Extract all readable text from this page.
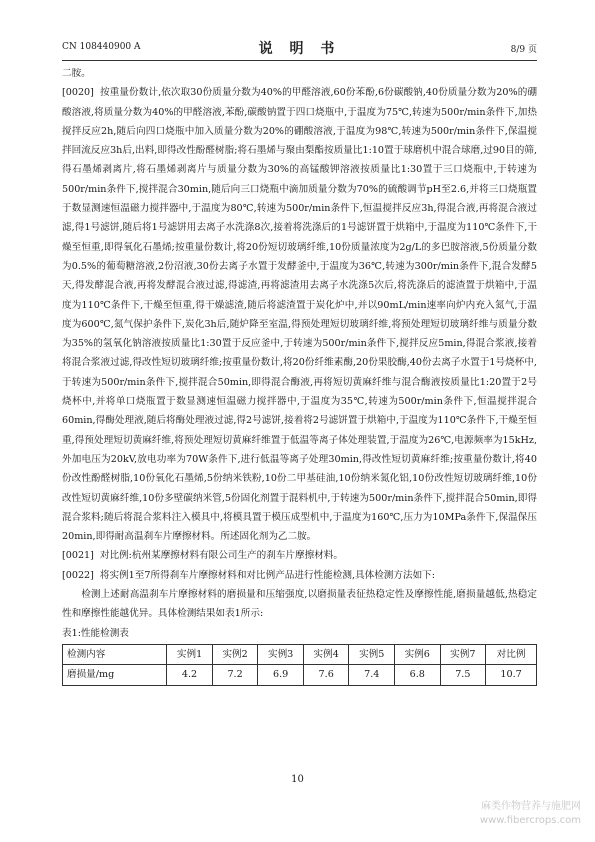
CN 108440900 A	说 明 书	8/9 页

二胺。

[0020] 按重量份数计,依次取30份质量分数为40%的甲醛溶液,60份苯酚,6份碳酸钠,40份质量分数为20%的硼酸溶液,将质量分数为40%的甲醛溶液,苯酚,碳酸钠置于四口烧瓶中,于温度为75℃,转速为500r/min条件下,加热搅拌反应2h,随后向四口烧瓶中加入质量分数为20%的硼酸溶液,于温度为98℃,转速为500r/min条件下,保温搅拌回流反应3h后,出料,即得改性酚醛树脂;将石墨烯与聚由梨酯按质量比1:10置于球磨机中混合球磨,过90目的筛,得石墨烯剥离片,将石墨烯剥离片与质量分数为30%的高锰酸钾溶液按质量比1:30置于三口烧瓶中,于转速为500r/min条件下,搅拌混合30min,随后向三口烧瓶中滴加质量分数为70%的硫酸调节pH至2.6,并将三口烧瓶置于数显测速恒温磁力搅拌器中,于温度为80℃,转速为500r/min条件下,恒温搅拌反应3h,得混合液,再将混合液过滤,得1号滤饼,随后将1号滤饼用去离子水洗涤8次,接着将洗涤后的1号滤饼置于烘箱中,于温度为110℃条件下,干燥至恒重,即得氧化石墨烯;按重量份数计,将20份短切玻璃纤维,10份质量浓度为2g/L的多巴胺溶液,5份质量分数为0.5%的葡萄糖溶液,2份沼液,30份去离子水置于发酵釜中,于温度为36℃,转速为300r/min条件下,混合发酵5天,得发酵混合液,再将发酵混合液过滤,得滤渣,再将滤渣用去离子水洗涤5次后,将洗涤后的滤渣置于烘箱中,于温度为110℃条件下,干燥至恒重,得干燥滤渣,随后将滤渣置于炭化炉中,并以90mL/min速率向炉内充入氮气,于温度为600℃,氮气保护条件下,炭化3h后,随炉降至室温,得预处理短切玻璃纤维,将预处理短切玻璃纤维与质量分数为35%的氢氧化钠溶液按质量比1:30置于反应釜中,于转速为500r/min条件下,搅拌反应5min,得混合浆液,接着将混合浆液过滤,得改性短切玻璃纤维;按重量份数计,将20份纤维素酶,20份果胶酶,40份去离子水置于1号烧杯中,于转速为500r/min条件下,搅拌混合50min,即得混合酶液,再将短切黄麻纤维与混合酶液按质量比1:20置于2号烧杯中,并将单口烧瓶置于数显测速恒温磁力搅拌器中,于温度为35℃,转速为500r/min条件下,恒温搅拌混合60min,得酶处理液,随后将酶处理液过滤,得2号滤饼,接着将2号滤饼置于烘箱中,于温度为110℃条件下,干燥至恒重,得预处理短切黄麻纤维,将预处理短切黄麻纤维置于低温等离子体处理装置,于温度为26℃,电源频率为15kHz,外加电压为20kV,放电功率为70W条件下,进行低温等离子处理30min,得改性短切黄麻纤维;按重量份数计,将40份改性酚醛树脂,10份氧化石墨烯,5份纳米铁粉,10份二甲基硅油,10份纳米氮化铝,10份改性短切玻璃纤维,10份改性短切黄麻纤维,10份多壁碳纳米管,5份固化剂置于混料机中,于转速为500r/min条件下,搅拌混合50min,即得混合浆料;随后将混合浆料注入模具中,将模具置于模压成型机中,于温度为160℃,压力为10MPa条件下,保温保压20min,即得耐高温刹车片摩擦材料。所述固化剂为乙二胺。

[0021] 对比例:杭州某摩擦材料有限公司生产的刹车片摩擦材料。

[0022] 将实例1至7所得刹车片摩擦材料和对比例产品进行性能检测,具体检测方法如下:

检测上述耐高温刹车片摩擦材料的磨损量和压缩强度,以磨损量表征热稳定性及摩擦性能,磨损量越低,热稳定性和摩擦性能越优异。具体检测结果如表1所示:

表1:性能检测表

检测内容	实例1	实例2	实例3	实例4	实例5	实例6	实例7	对比例
磨损量/mg	4.2	7.2	6.9	7.6	7.4	6.8	7.5	10.7
10
麻类作物营养与施肥网
www.fibercrops.com
